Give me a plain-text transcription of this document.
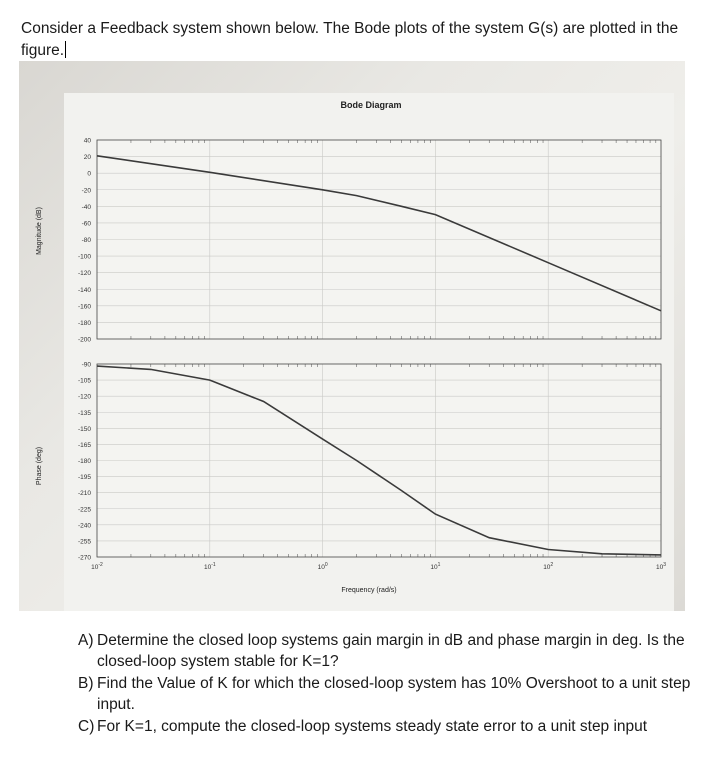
Consider a Feedback system shown below. The Bode plots of the system G(s) are plotted in the figure.
Bode Diagram
40
20
0
-20
-40
-60
-80
-100
-120
-140
-160
-180
-200
-90
-105
-120
-135
-150
-165
-180
-195
-210
-225
-240
-255
-270
$10^{-2}$	$10^{-1}$	$10^0$	$10^1$	$10^2$	$10^3$
Magnitude (dB)
Phase (deg)
Frequency (rad/s)
A) Determine the closed loop systems gain margin in dB and phase margin in deg. Is the closed-loop system stable for K=1?
B) Find the Value of K for which the closed-loop system has 10% Overshoot to a unit step input.
C) For K=1, compute the closed-loop systems steady state error to a unit step input
